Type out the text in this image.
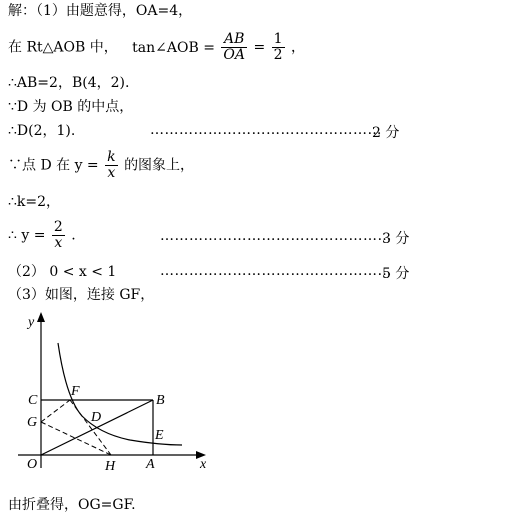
解：（1）由题意得，OA=4，
在 Rt△AOB 中， tan∠AOB = $\frac{AB}{OA} = \frac{1}{2}$ ，
∴AB=2，B(4，2).
∵D 为 OB 的中点，
∴D(2，1).	…………………………………………
2 分
∵点 D 在 $y = \frac{k}{x}$ 的图象上，
∴k=2，
∴ $y = \frac{2}{x}$ .	…………………………………………
3 分
（2） 0 < x < 1	…………………………………………
5 分
（3）如图，连接 GF，
y
x
O	A
B
C
D
E
F
G
H
由折叠得，OG=GF.
